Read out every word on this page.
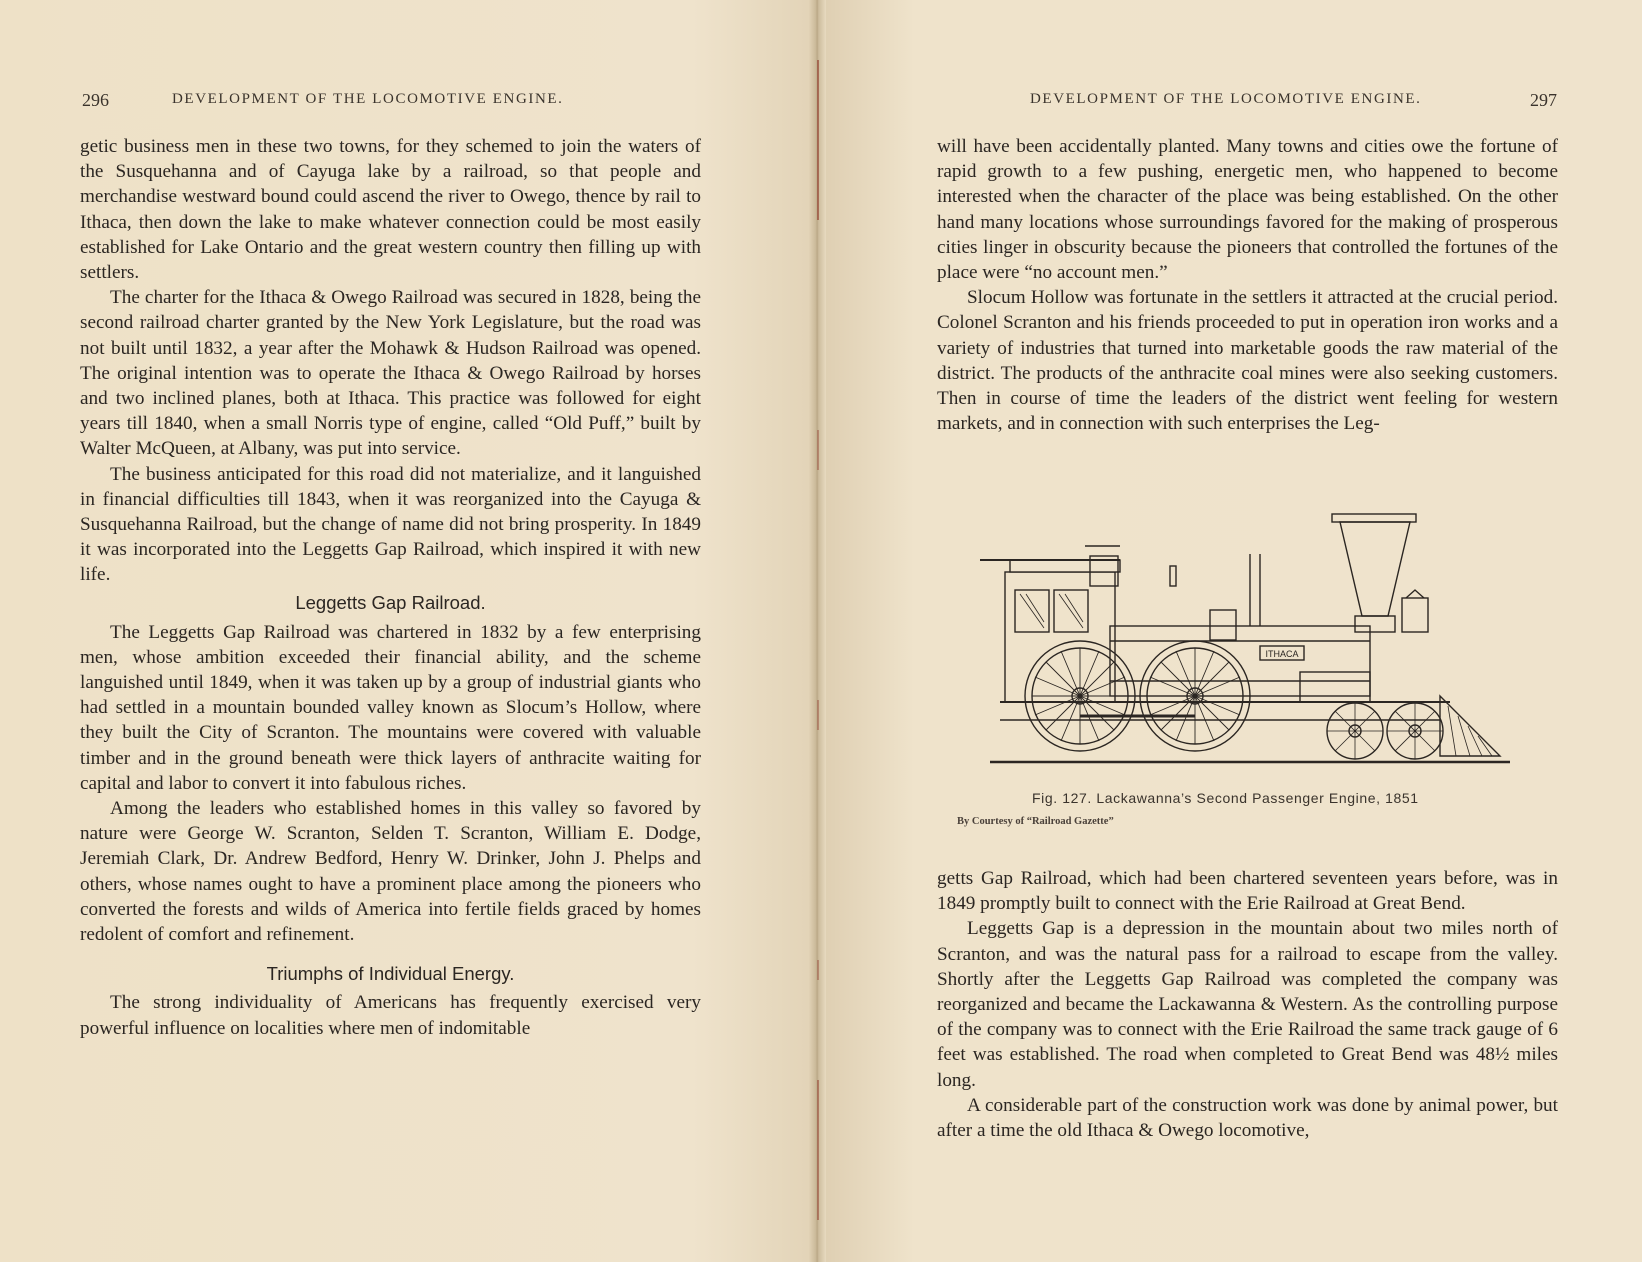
296	DEVELOPMENT OF THE LOCOMOTIVE ENGINE.

getic business men in these two towns, for they schemed to join the waters of the Susquehanna and of Cayuga lake by a railroad, so that people and merchandise westward bound could ascend the river to Owego, thence by rail to Ithaca, then down the lake to make whatever connection could be most easily established for Lake Ontario and the great western country then filling up with settlers.

The charter for the Ithaca & Owego Railroad was secured in 1828, being the second railroad charter granted by the New York Legislature, but the road was not built until 1832, a year after the Mohawk & Hudson Railroad was opened. The original intention was to operate the Ithaca & Owego Railroad by horses and two inclined planes, both at Ithaca. This practice was followed for eight years till 1840, when a small Norris type of engine, called “Old Puff,” built by Walter McQueen, at Albany, was put into service.

The business anticipated for this road did not materialize, and it languished in financial difficulties till 1843, when it was reorganized into the Cayuga & Susquehanna Railroad, but the change of name did not bring prosperity. In 1849 it was incorporated into the Leggetts Gap Railroad, which inspired it with new life.

Leggetts Gap Railroad.

The Leggetts Gap Railroad was chartered in 1832 by a few enterprising men, whose ambition exceeded their financial ability, and the scheme languished until 1849, when it was taken up by a group of industrial giants who had settled in a mountain bounded valley known as Slocum’s Hollow, where they built the City of Scranton. The mountains were covered with valuable timber and in the ground beneath were thick layers of anthracite waiting for capital and labor to convert it into fabulous riches.

Among the leaders who established homes in this valley so favored by nature were George W. Scranton, Selden T. Scranton, William E. Dodge, Jeremiah Clark, Dr. Andrew Bedford, Henry W. Drinker, John J. Phelps and others, whose names ought to have a prominent place among the pioneers who converted the forests and wilds of America into fertile fields graced by homes redolent of comfort and refinement.

Triumphs of Individual Energy.

The strong individuality of Americans has frequently exercised very powerful influence on localities where men of indomitable

DEVELOPMENT OF THE LOCOMOTIVE ENGINE.	297

will have been accidentally planted. Many towns and cities owe the fortune of rapid growth to a few pushing, energetic men, who happened to become interested when the character of the place was being established. On the other hand many locations whose surroundings favored for the making of prosperous cities linger in obscurity because the pioneers that controlled the fortunes of the place were “no account men.”

Slocum Hollow was fortunate in the settlers it attracted at the crucial period. Colonel Scranton and his friends proceeded to put in operation iron works and a variety of industries that turned into marketable goods the raw material of the district. The products of the anthracite coal mines were also seeking customers. Then in course of time the leaders of the district went feeling for western markets, and in connection with such enterprises the Leg-

ITHACA
Fig. 127. Lackawanna’s Second Passenger Engine, 1851
By Courtesy of “Railroad Gazette”

getts Gap Railroad, which had been chartered seventeen years before, was in 1849 promptly built to connect with the Erie Railroad at Great Bend.

Leggetts Gap is a depression in the mountain about two miles north of Scranton, and was the natural pass for a railroad to escape from the valley. Shortly after the Leggetts Gap Railroad was completed the company was reorganized and became the Lackawanna & Western. As the controlling purpose of the company was to connect with the Erie Railroad the same track gauge of 6 feet was established. The road when completed to Great Bend was 48½ miles long.

A considerable part of the construction work was done by animal power, but after a time the old Ithaca & Owego locomotive,
